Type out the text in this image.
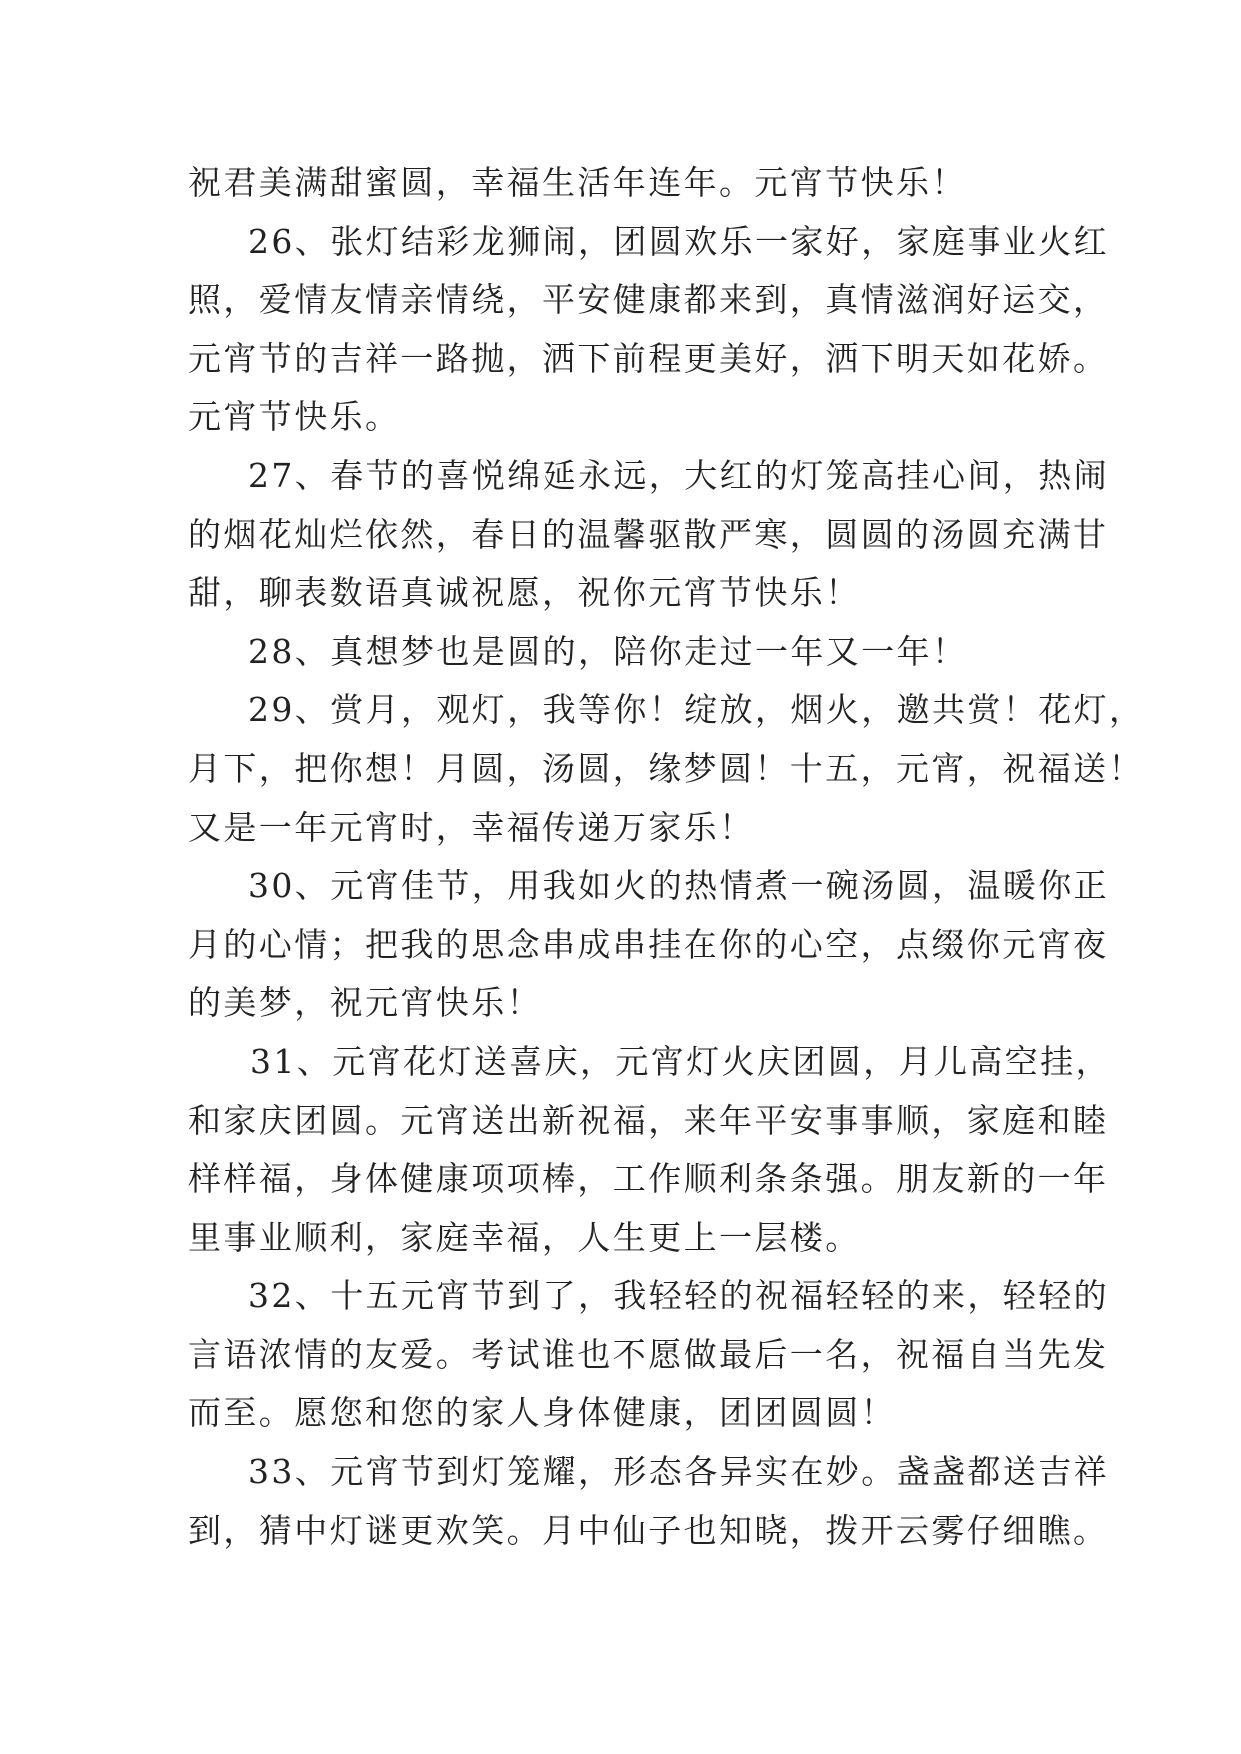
祝君美满甜蜜圆，幸福生活年连年。元宵节快乐！
26、张灯结彩龙狮闹，团圆欢乐一家好，家庭事业火红
照，爱情友情亲情绕，平安健康都来到，真情滋润好运交，
元宵节的吉祥一路抛，洒下前程更美好，洒下明天如花娇。
元宵节快乐。
27、春节的喜悦绵延永远，大红的灯笼高挂心间，热闹
的烟花灿烂依然，春日的温馨驱散严寒，圆圆的汤圆充满甘
甜，聊表数语真诚祝愿，祝你元宵节快乐！
28、真想梦也是圆的，陪你走过一年又一年！
29、赏月，观灯，我等你！绽放，烟火，邀共赏！花灯，
月下，把你想！月圆，汤圆，缘梦圆！十五，元宵，祝福送！
又是一年元宵时，幸福传递万家乐！
30、元宵佳节，用我如火的热情煮一碗汤圆，温暖你正
月的心情；把我的思念串成串挂在你的心空，点缀你元宵夜
的美梦，祝元宵快乐！
31、元宵花灯送喜庆，元宵灯火庆团圆，月儿高空挂，
和家庆团圆。元宵送出新祝福，来年平安事事顺，家庭和睦
样样福，身体健康项项棒，工作顺利条条强。朋友新的一年
里事业顺利，家庭幸福，人生更上一层楼。
32、十五元宵节到了，我轻轻的祝福轻轻的来，轻轻的
言语浓情的友爱。考试谁也不愿做最后一名，祝福自当先发
而至。愿您和您的家人身体健康，团团圆圆！
33、元宵节到灯笼耀，形态各异实在妙。盏盏都送吉祥
到，猜中灯谜更欢笑。月中仙子也知晓，拨开云雾仔细瞧。
